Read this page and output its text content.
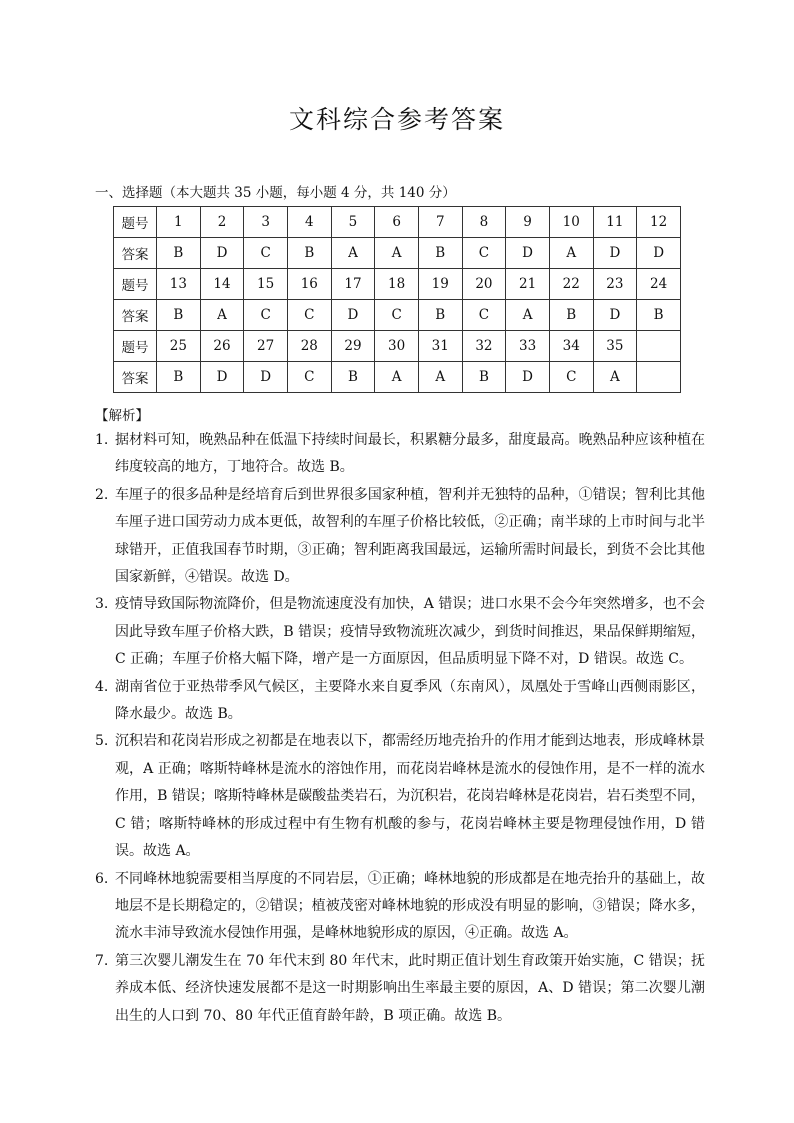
文科综合参考答案
一、选择题（本大题共 35 小题，每小题 4 分，共 140 分）
题号	1	2	3	4	5	6	7	8	9	10	11	12
答案	B	D	C	B	A	A	B	C	D	A	D	D
题号	13	14	15	16	17	18	19	20	21	22	23	24
答案	B	A	C	C	D	C	B	C	A	B	D	B
题号	25	26	27	28	29	30	31	32	33	34	35	
答案	B	D	D	C	B	A	A	B	D	C	A	
【解析】
1. 据材料可知，晚熟品种在低温下持续时间最长，积累糖分最多，甜度最高。晚熟品种应该种植在纬度较高的地方，丁地符合。故选 B。
2. 车厘子的很多品种是经培育后到世界很多国家种植，智利并无独特的品种，①错误；智利比其他车厘子进口国劳动力成本更低，故智利的车厘子价格比较低，②正确；南半球的上市时间与北半球错开，正值我国春节时期，③正确；智利距离我国最远，运输所需时间最长，到货不会比其他国家新鲜，④错误。故选 D。
3. 疫情导致国际物流降价，但是物流速度没有加快，A 错误；进口水果不会今年突然增多，也不会因此导致车厘子价格大跌，B 错误；疫情导致物流班次减少，到货时间推迟，果品保鲜期缩短，C 正确；车厘子价格大幅下降，增产是一方面原因，但品质明显下降不对，D 错误。故选 C。
4. 湖南省位于亚热带季风气候区，主要降水来自夏季风（东南风），凤凰处于雪峰山西侧雨影区，降水最少。故选 B。
5. 沉积岩和花岗岩形成之初都是在地表以下，都需经历地壳抬升的作用才能到达地表，形成峰林景观，A 正确；喀斯特峰林是流水的溶蚀作用，而花岗岩峰林是流水的侵蚀作用，是不一样的流水作用，B 错误；喀斯特峰林是碳酸盐类岩石，为沉积岩，花岗岩峰林是花岗岩，岩石类型不同，C 错；喀斯特峰林的形成过程中有生物有机酸的参与，花岗岩峰林主要是物理侵蚀作用，D 错误。故选 A。
6. 不同峰林地貌需要相当厚度的不同岩层，①正确；峰林地貌的形成都是在地壳抬升的基础上，故地层不是长期稳定的，②错误；植被茂密对峰林地貌的形成没有明显的影响，③错误；降水多，流水丰沛导致流水侵蚀作用强，是峰林地貌形成的原因，④正确。故选 A。
7. 第三次婴儿潮发生在 70 年代末到 80 年代末，此时期正值计划生育政策开始实施，C 错误；抚养成本低、经济快速发展都不是这一时期影响出生率最主要的原因，A、D 错误；第二次婴儿潮出生的人口到 70、80 年代正值育龄年龄，B 项正确。故选 B。
